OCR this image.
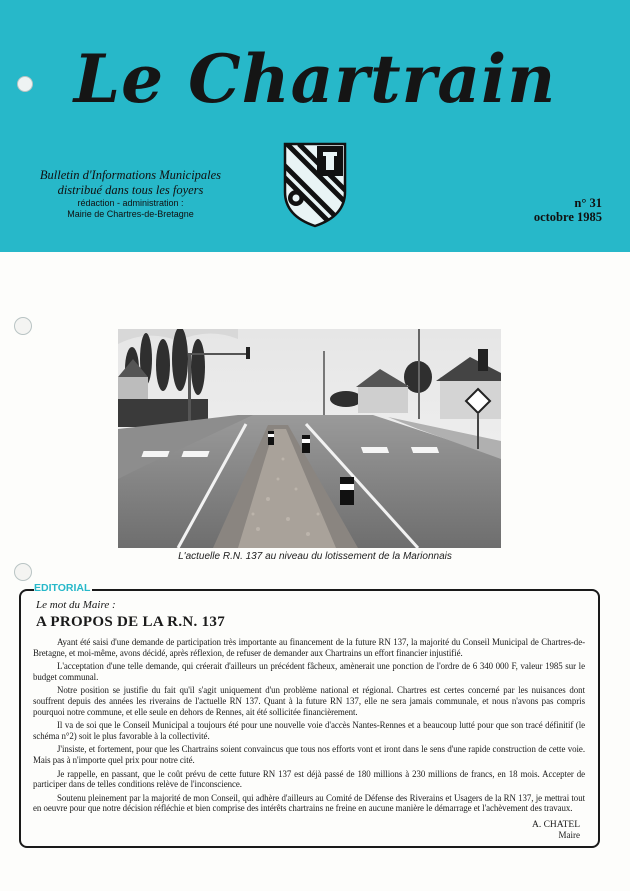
Le Chartrain
Bulletin d'Informations Municipales
distribué dans tous les foyers
rédaction - administration :
Mairie de Chartres-de-Bretagne
n° 31
octobre 1985
L'actuelle R.N. 137 au niveau du lotissement de la Marionnais
EDITORIAL
Le mot du Maire :
A PROPOS DE LA R.N. 137

Ayant été saisi d'une demande de participation très importante au financement de la future RN 137, la majorité du Conseil Municipal de Chartres-de-Bretagne, et moi-même, avons décidé, après réflexion, de refuser de demander aux Chartrains un effort financier injustifié.

L'acceptation d'une telle demande, qui créerait d'ailleurs un précédent fâcheux, amènerait une ponction de l'ordre de 6 340 000 F, valeur 1985 sur le budget communal.

Notre position se justifie du fait qu'il s'agit uniquement d'un problème national et régional. Chartres est certes concerné par les nuisances dont souffrent depuis des années les riverains de l'actuelle RN 137. Quant à la future RN 137, elle ne sera jamais communale, et nous n'avons pas compris pourquoi notre commune, et elle seule en dehors de Rennes, ait été sollicitée financièrement.

Il va de soi que le Conseil Municipal a toujours été pour une nouvelle voie d'accès Nantes-Rennes et a beaucoup lutté pour que son tracé définitif (le schéma n°2) soit le plus favorable à la collectivité.

J'insiste, et fortement, pour que les Chartrains soient convaincus que tous nos efforts vont et iront dans le sens d'une rapide construction de cette voie. Mais pas à n'importe quel prix pour notre cité.

Je rappelle, en passant, que le coût prévu de cette future RN 137 est déjà passé de 180 millions à 230 millions de francs, en 18 mois. Accepter de participer dans de telles conditions relève de l'inconscience.

Soutenu pleinement par la majorité de mon Conseil, qui adhère d'ailleurs au Comité de Défense des Riverains et Usagers de la RN 137, je mettrai tout en oeuvre pour que notre décision réfléchie et bien comprise des intérêts chartrains ne freine en aucune manière le démarrage et l'achèvement des travaux.

A. CHATEL
Maire
